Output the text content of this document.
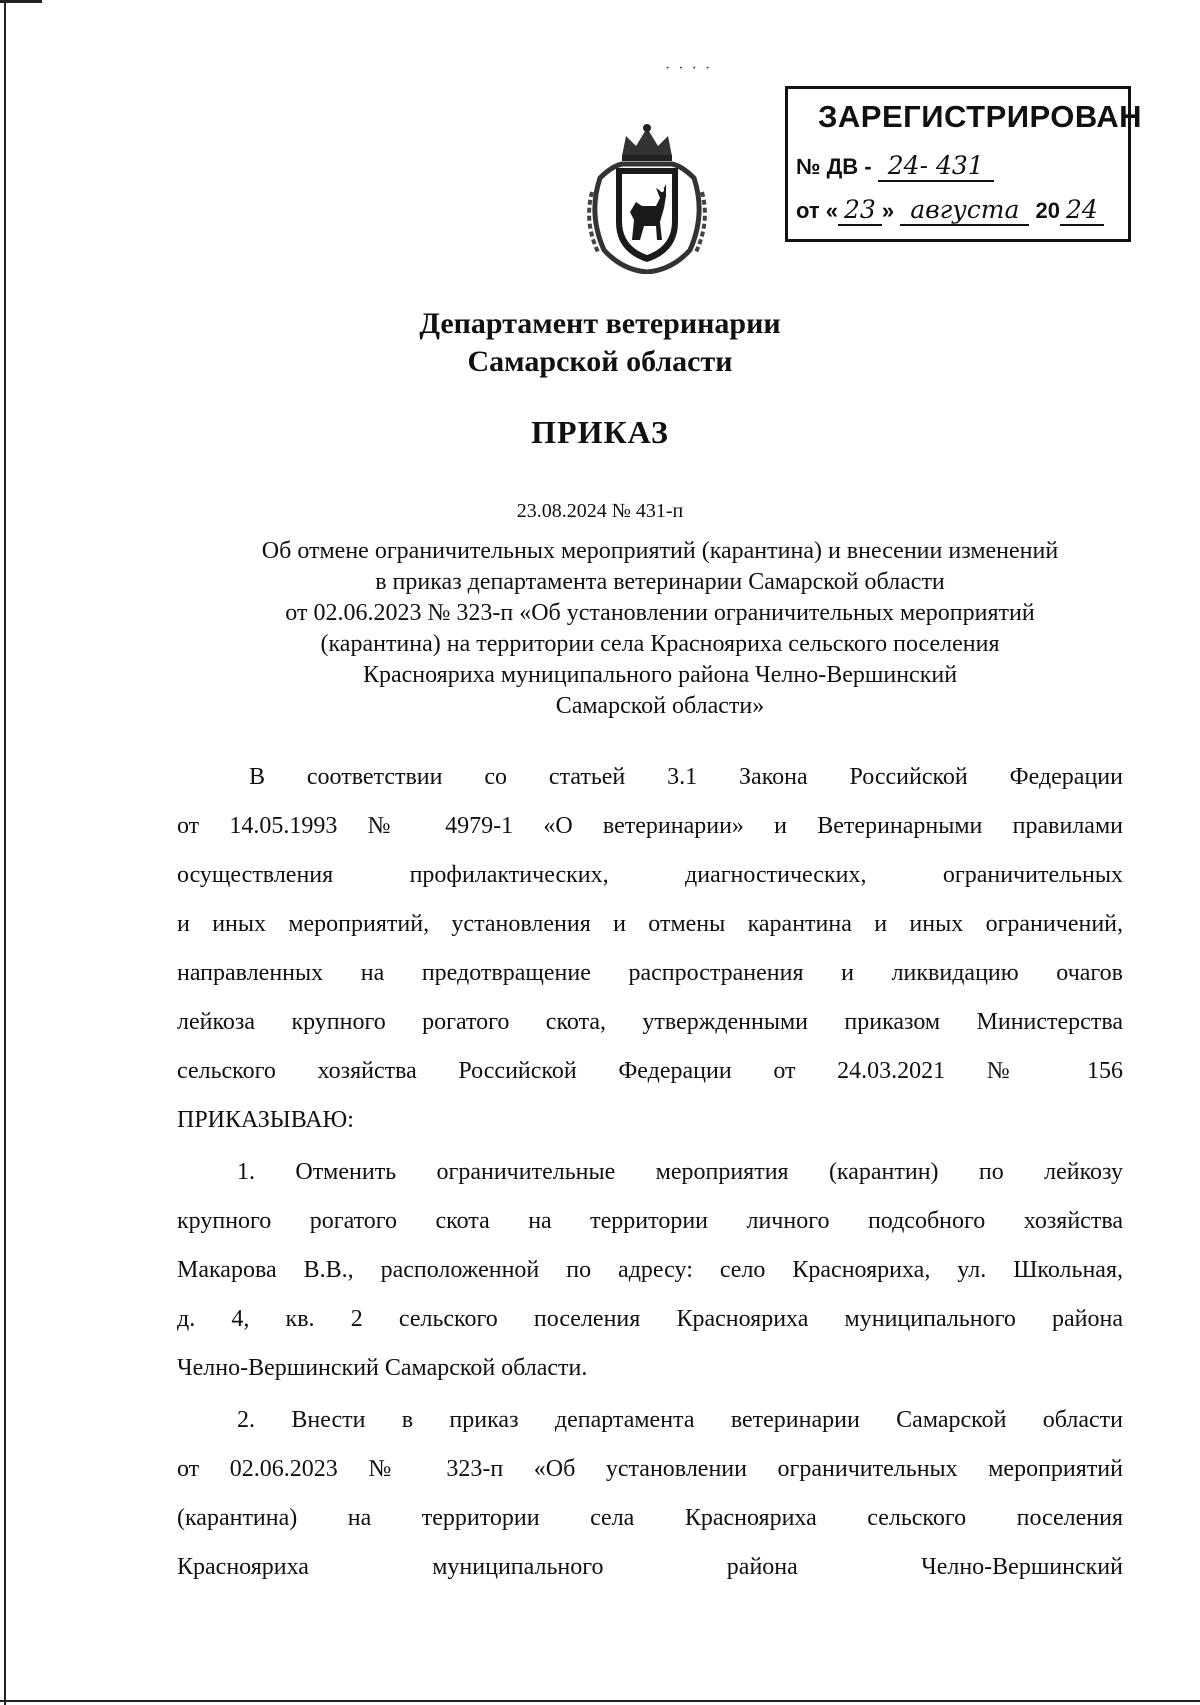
· · · ·
ЗАРЕГИСТРИРОВАН
№ ДВ - 24- 431
от « 23 » августа 20 24
Департамент ветеринарии
Самарской области
ПРИКАЗ
23.08.2024 № 431-п
Об отмене ограничительных мероприятий (карантина) и внесении изменений
в приказ департамента ветеринарии Самарской области
от 02.06.2023 № 323-п «Об установлении ограничительных мероприятий
(карантина) на территории села Краснояриха сельского поселения
Краснояриха муниципального района Челно-Вершинский
Самарской области»
В соответствии со статьей 3.1 Закона Российской Федерации
от 14.05.1993 № 4979-1 «О ветеринарии» и Ветеринарными правилами
осуществления профилактических, диагностических, ограничительных
и иных мероприятий, установления и отмены карантина и иных ограничений,
направленных на предотвращение распространения и ликвидацию очагов
лейкоза крупного рогатого скота, утвержденными приказом Министерства
сельского хозяйства Российской Федерации от 24.03.2021 № 156
ПРИКАЗЫВАЮ:
1. Отменить ограничительные мероприятия (карантин) по лейкозу
крупного рогатого скота на территории личного подсобного хозяйства
Макарова В.В., расположенной по адресу: село Краснояриха, ул. Школьная,
д. 4, кв. 2 сельского поселения Краснояриха муниципального района
Челно-Вершинский Самарской области.
2. Внести в приказ департамента ветеринарии Самарской области
от 02.06.2023 № 323-п «Об установлении ограничительных мероприятий
(карантина) на территории села Краснояриха сельского поселения
Краснояриха муниципального района Челно-Вершинский
